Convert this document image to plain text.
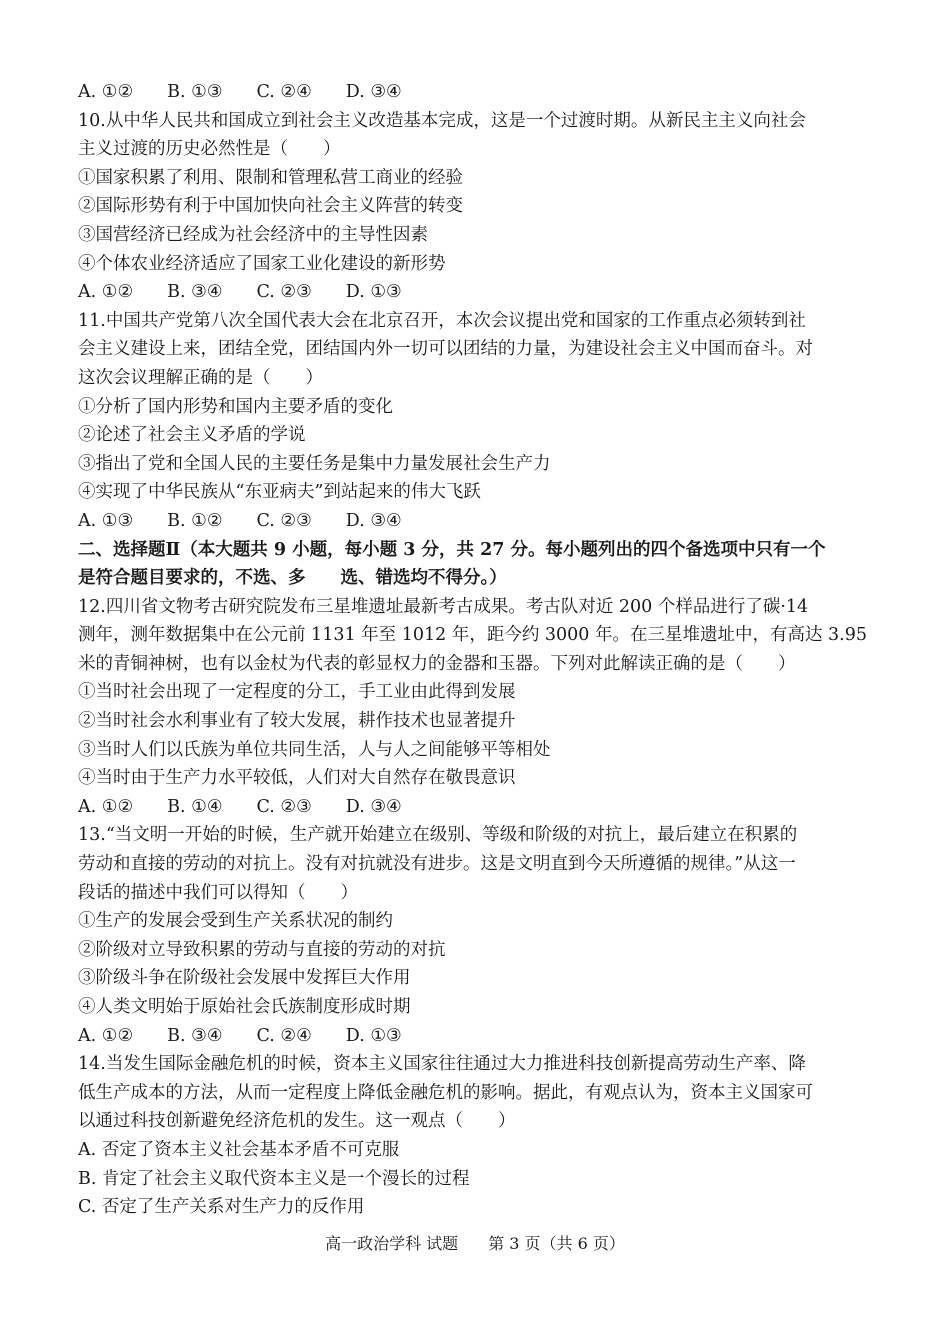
A. ①② B. ①③ C. ②④ D. ③④
10.从中华人民共和国成立到社会主义改造基本完成，这是一个过渡时期。从新民主主义向社会
主义过渡的历史必然性是（　　）
①国家积累了利用、限制和管理私营工商业的经验
②国际形势有利于中国加快向社会主义阵营的转变
③国营经济已经成为社会经济中的主导性因素
④个体农业经济适应了国家工业化建设的新形势
A. ①② B. ③④ C. ②③ D. ①③
11.中国共产党第八次全国代表大会在北京召开，本次会议提出党和国家的工作重点必须转到社
会主义建设上来，团结全党，团结国内外一切可以团结的力量，为建设社会主义中国而奋斗。对
这次会议理解正确的是（　　）
①分析了国内形势和国内主要矛盾的变化
②论述了社会主义矛盾的学说
③指出了党和全国人民的主要任务是集中力量发展社会生产力
④实现了中华民族从“东亚病夫”到站起来的伟大飞跃
A. ①③ B. ①② C. ②③ D. ③④
二、选择题Ⅱ（本大题共 9 小题，每小题 3 分，共 27 分。每小题列出的四个备选项中只有一个
是符合题目要求的，不选、多　　选、错选均不得分。）
12.四川省文物考古研究院发布三星堆遗址最新考古成果。考古队对近 200 个样品进行了碳·14
测年，测年数据集中在公元前 1131 年至 1012 年，距今约 3000 年。在三星堆遗址中，有高达 3.95
米的青铜神树，也有以金杖为代表的彰显权力的金器和玉器。下列对此解读正确的是（　　）
①当时社会出现了一定程度的分工，手工业由此得到发展
②当时社会水利事业有了较大发展，耕作技术也显著提升
③当时人们以氏族为单位共同生活，人与人之间能够平等相处
④当时由于生产力水平较低，人们对大自然存在敬畏意识
A. ①② B. ①④ C. ②③ D. ③④
13.“当文明一开始的时候，生产就开始建立在级别、等级和阶级的对抗上，最后建立在积累的
劳动和直接的劳动的对抗上。没有对抗就没有进步。这是文明直到今天所遵循的规律。”从这一
段话的描述中我们可以得知（　　）
①生产的发展会受到生产关系状况的制约
②阶级对立导致积累的劳动与直接的劳动的对抗
③阶级斗争在阶级社会发展中发挥巨大作用
④人类文明始于原始社会氏族制度形成时期
A. ①② B. ③④ C. ②④ D. ①③
14.当发生国际金融危机的时候，资本主义国家往往通过大力推进科技创新提高劳动生产率、降
低生产成本的方法，从而一定程度上降低金融危机的影响。据此，有观点认为，资本主义国家可
以通过科技创新避免经济危机的发生。这一观点（　　）
A. 否定了资本主义社会基本矛盾不可克服
B. 肯定了社会主义取代资本主义是一个漫长的过程
C. 否定了生产关系对生产力的反作用
高一政治学科 试题 第 3 页（共 6 页）
